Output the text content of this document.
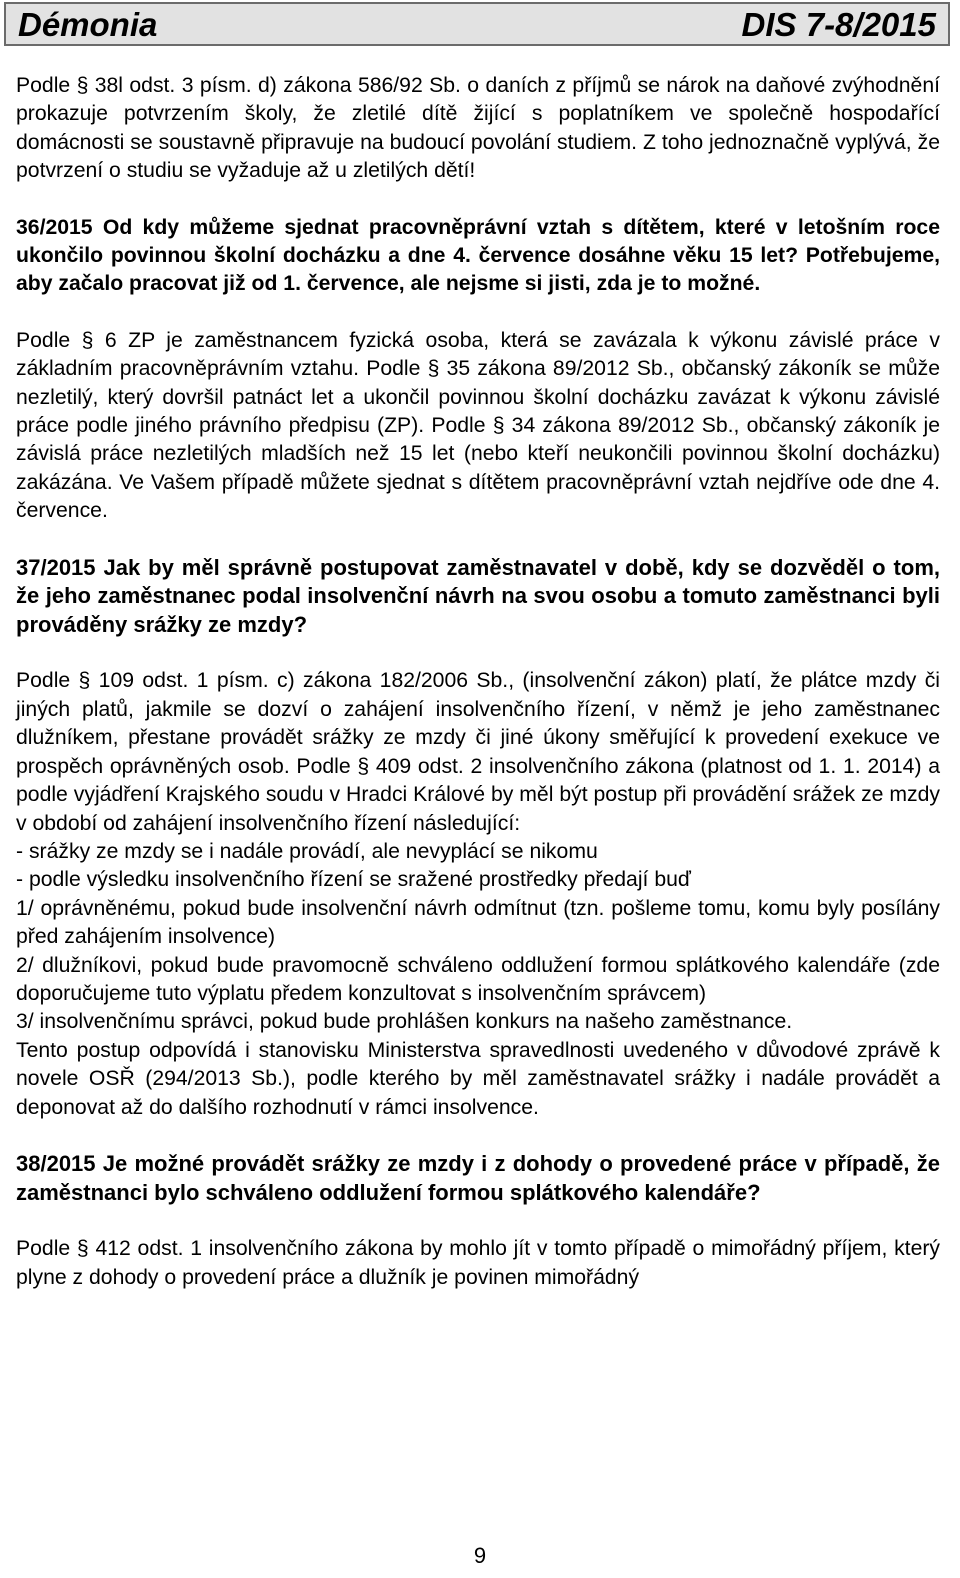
Démonia	DIS 7-8/2015

Podle § 38l odst. 3 písm. d) zákona 586/92 Sb. o daních z příjmů se nárok na daňové zvýhodnění prokazuje potvrzením školy, že zletilé dítě žijící s poplatníkem ve společně hospodařící domácnosti se soustavně připravuje na budoucí povolání studiem. Z toho jednoznačně vyplývá, že potvrzení o studiu se vyžaduje až u zletilých dětí!

36/2015 Od kdy můžeme sjednat pracovněprávní vztah s dítětem, které v letošním roce ukončilo povinnou školní docházku a dne 4. července dosáhne věku 15 let? Potřebujeme, aby začalo pracovat již od 1. července, ale nejsme si jisti, zda je to možné.

Podle § 6 ZP je zaměstnancem fyzická osoba, která se zavázala k výkonu závislé práce v základním pracovněprávním vztahu. Podle § 35 zákona 89/2012 Sb., občanský zákoník se může nezletilý, který dovršil patnáct let a ukončil povinnou školní docházku zavázat k výkonu závislé práce podle jiného právního předpisu (ZP). Podle § 34 zákona 89/2012 Sb., občanský zákoník je závislá práce nezletilých mladších než 15 let (nebo kteří neukončili povinnou školní docházku) zakázána. Ve Vašem případě můžete sjednat s dítětem pracovněprávní vztah nejdříve ode dne 4. července.

37/2015 Jak by měl správně postupovat zaměstnavatel v době, kdy se dozvěděl o tom, že jeho zaměstnanec podal insolvenční návrh na svou osobu a tomuto zaměstnanci byli prováděny srážky ze mzdy?

Podle § 109 odst. 1 písm. c) zákona 182/2006 Sb., (insolvenční zákon) platí, že plátce mzdy či jiných platů, jakmile se dozví o zahájení insolvenčního řízení, v němž je jeho zaměstnanec dlužníkem, přestane provádět srážky ze mzdy či jiné úkony směřující k provedení exekuce ve prospěch oprávněných osob. Podle § 409 odst. 2 insolvenčního zákona (platnost od 1. 1. 2014) a podle vyjádření Krajského soudu v Hradci Králové by měl být postup při provádění srážek ze mzdy v období od zahájení insolvenčního řízení následující:

- srážky ze mzdy se i nadále provádí, ale nevyplácí se nikomu

- podle výsledku insolvenčního řízení se sražené prostředky předají buď

1/ oprávněnému, pokud bude insolvenční návrh odmítnut (tzn. pošleme tomu, komu byly posílány před zahájením insolvence)

2/ dlužníkovi, pokud bude pravomocně schváleno oddlužení formou splátkového kalendáře (zde doporučujeme tuto výplatu předem konzultovat s insolvenčním správcem)

3/ insolvenčnímu správci, pokud bude prohlášen konkurs na našeho zaměstnance.

Tento postup odpovídá i stanovisku Ministerstva spravedlnosti uvedeného v důvodové zprávě k novele OSŘ (294/2013 Sb.), podle kterého by měl zaměstnavatel srážky i nadále provádět a deponovat až do dalšího rozhodnutí v rámci insolvence.

38/2015 Je možné provádět srážky ze mzdy i z dohody o provedené práce v případě, že zaměstnanci bylo schváleno oddlužení formou splátkového kalendáře?

Podle § 412 odst. 1 insolvenčního zákona by mohlo jít v tomto případě o mimořádný příjem, který plyne z dohody o provedení práce a dlužník je povinen mimořádný

9
